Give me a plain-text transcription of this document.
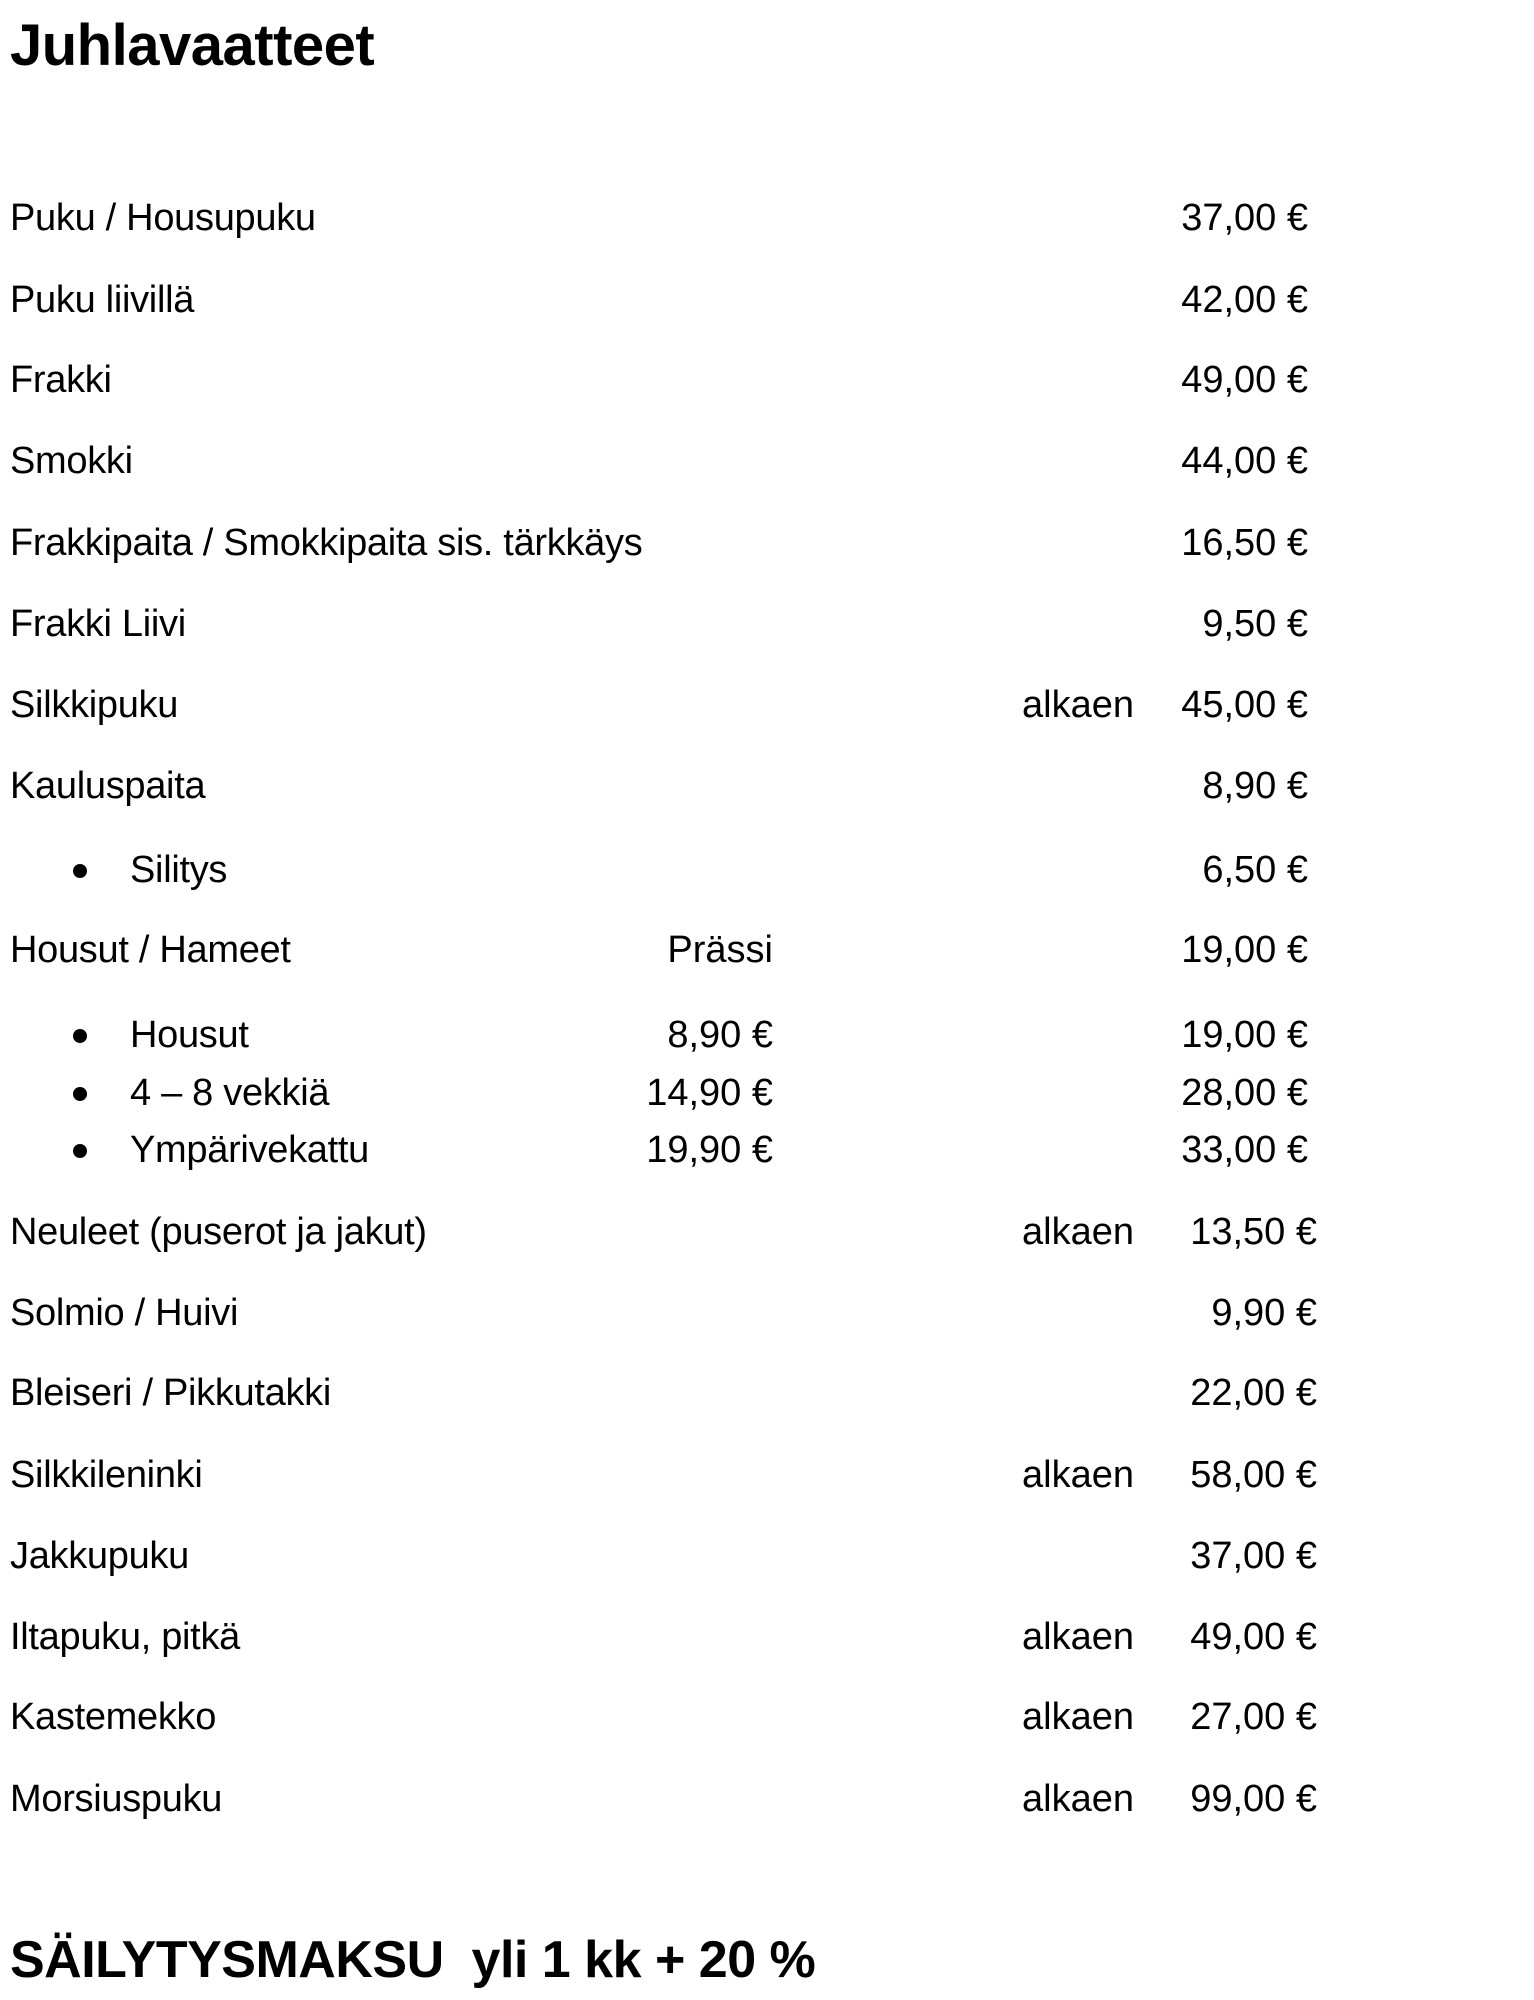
Juhlavaatteet
Puku / Housupuku	37,00 €
Puku liivillä	42,00 €
Frakki	49,00 €
Smokki	44,00 €
Frakkipaita / Smokkipaita sis. tärkkäys	16,50 €
Frakki Liivi	9,50 €
Silkkipuku	alkaen	45,00 €
Kauluspaita	8,90 €
Silitys	6,50 €
Housut / Hameet	Prässi	19,00 €
Housut	8,90 €	19,00 €
4 – 8 vekkiä	14,90 €	28,00 €
Ympärivekattu	19,90 €	33,00 €
Neuleet (puserot ja jakut)	alkaen	13,50 €
Solmio / Huivi	9,90 €
Bleiseri / Pikkutakki	22,00 €
Silkkileninki	alkaen	58,00 €
Jakkupuku	37,00 €
Iltapuku, pitkä	alkaen	49,00 €
Kastemekko	alkaen	27,00 €
Morsiuspuku	alkaen	99,00 €
SÄILYTYSMAKSU  yli 1 kk + 20 %
